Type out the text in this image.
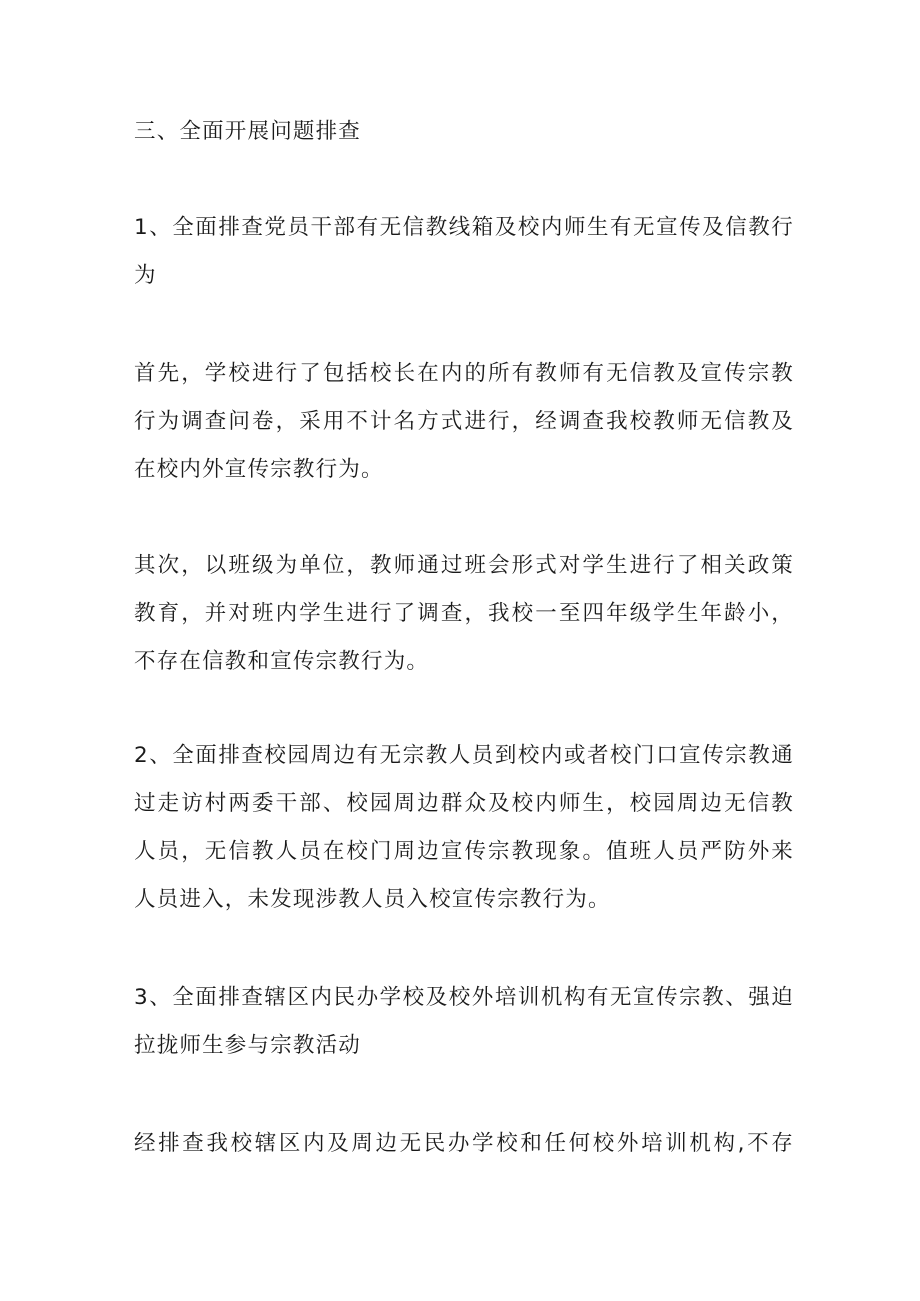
三、全面开展问题排查

1、全面排查党员干部有无信教线箱及校内师生有无宣传及信教行
为

首先，学校进行了包括校长在内的所有教师有无信教及宣传宗教
行为调查问卷，采用不计名方式进行，经调查我校教师无信教及
在校内外宣传宗教行为。

其次，以班级为单位，教师通过班会形式对学生进行了相关政策
教育，并对班内学生进行了调查，我校一至四年级学生年龄小，
不存在信教和宣传宗教行为。

2、全面排查校园周边有无宗教人员到校内或者校门口宣传宗教通
过走访村两委干部、校园周边群众及校内师生，校园周边无信教
人员，无信教人员在校门周边宣传宗教现象。值班人员严防外来
人员进入，未发现涉教人员入校宣传宗教行为。

3、全面排查辖区内民办学校及校外培训机构有无宣传宗教、强迫
拉拢师生参与宗教活动

经排查我校辖区内及周边无民办学校和任何校外培训机构,不存
